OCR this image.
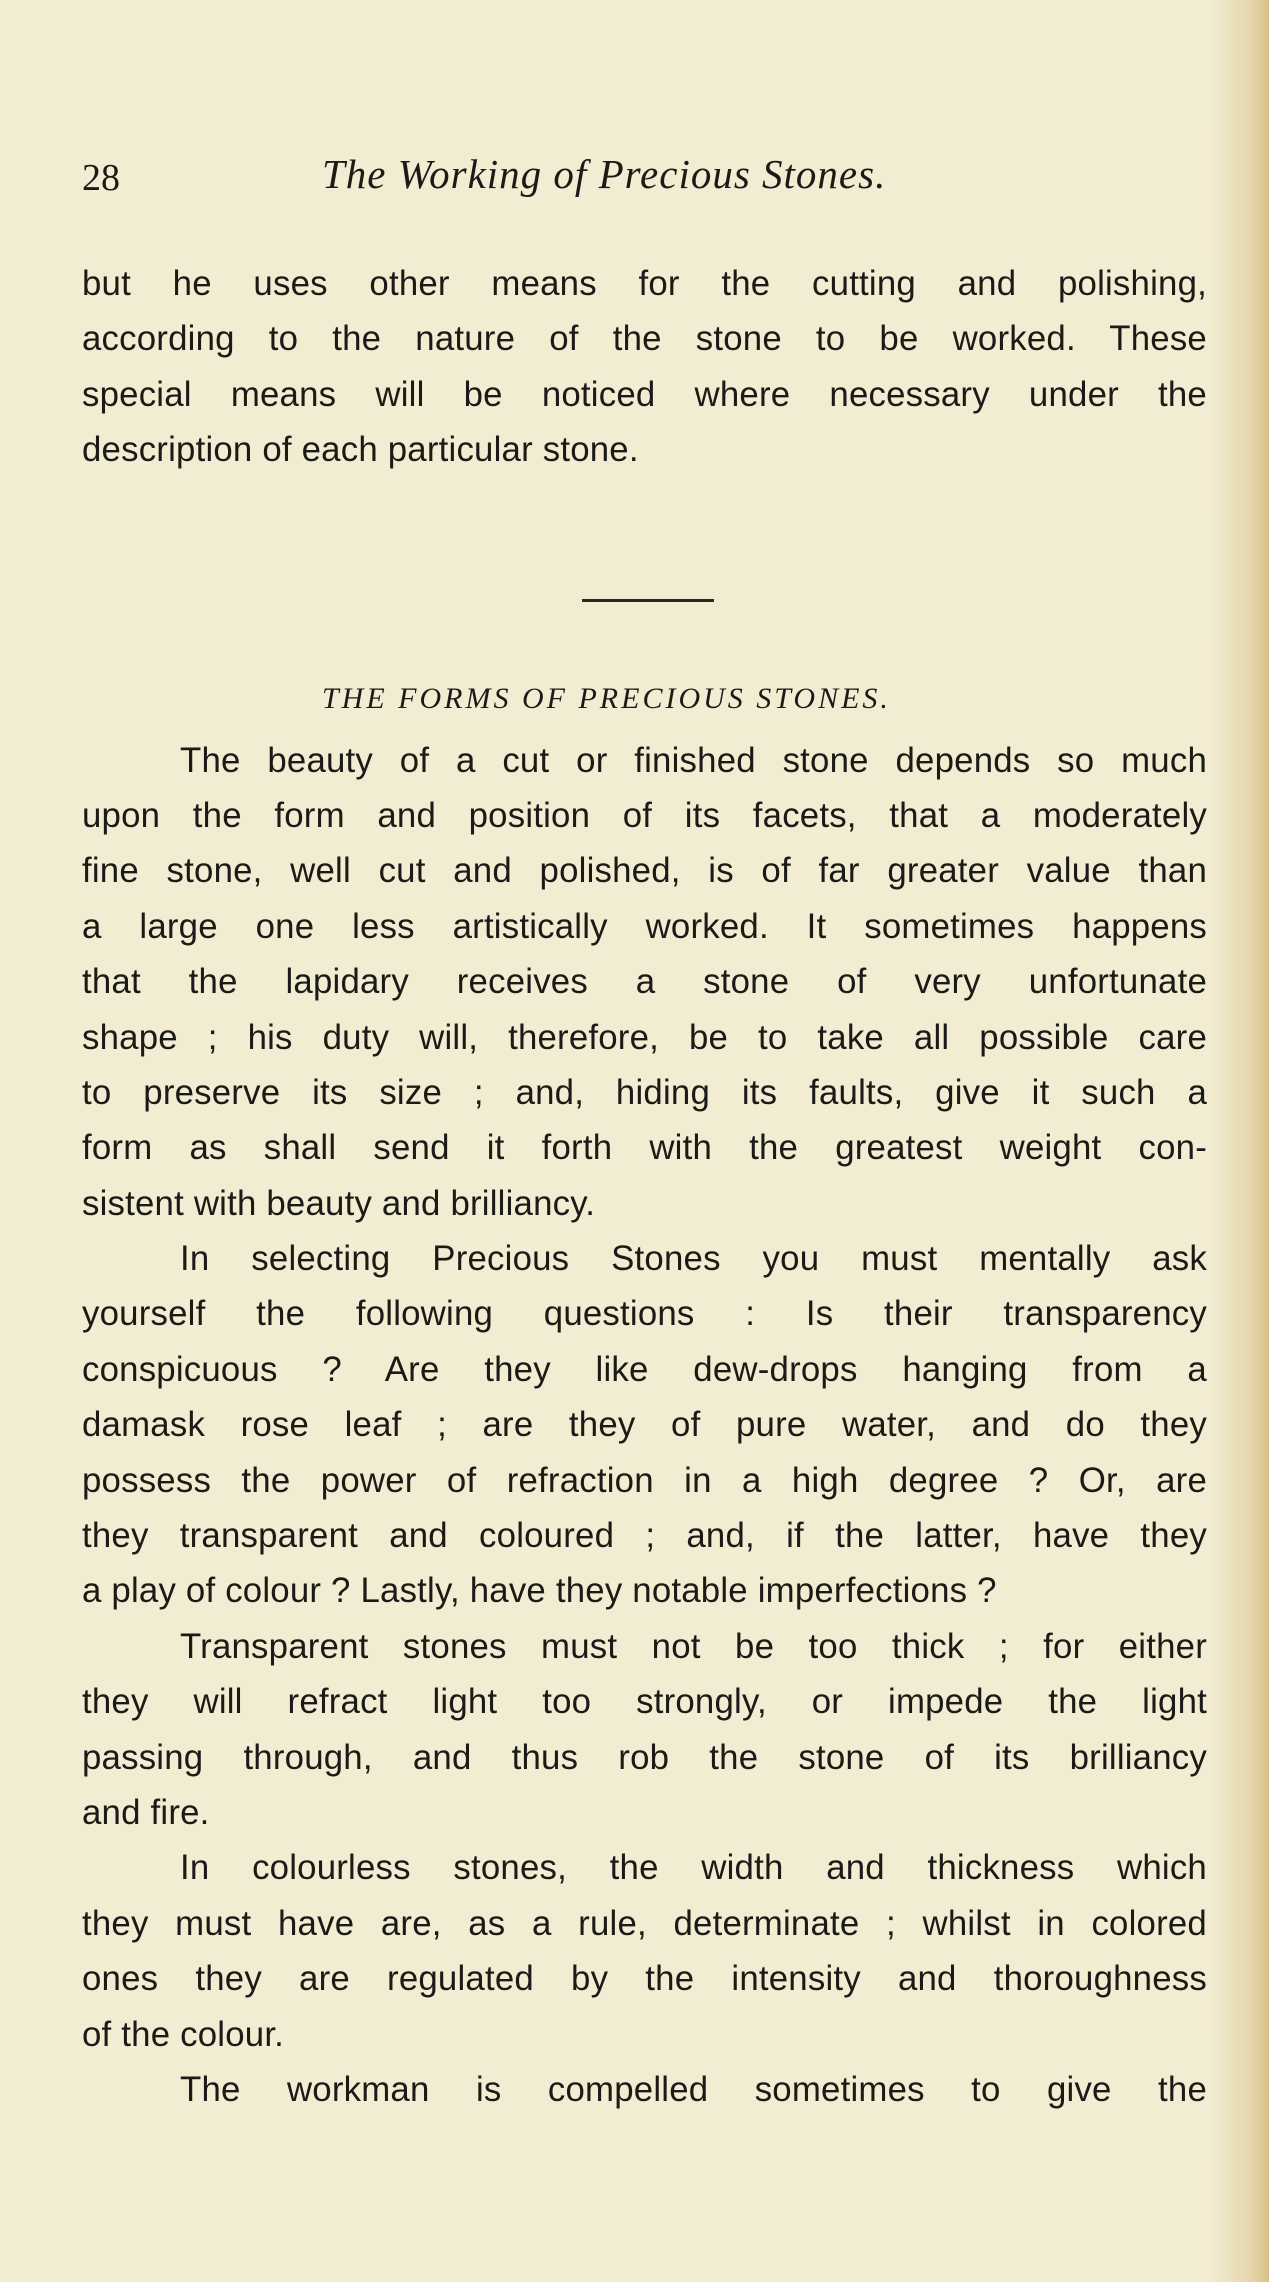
28	The Working of Precious Stones.
but he uses other means for the cutting and polishing,
according to the nature of the stone to be worked. These
special means will be noticed where necessary under the
description of each particular stone.
THE FORMS OF PRECIOUS STONES.
The beauty of a cut or finished stone depends so much
upon the form and position of its facets, that a moderately
fine stone, well cut and polished, is of far greater value than
a large one less artistically worked. It sometimes happens
that the lapidary receives a stone of very unfortunate
shape ; his duty will, therefore, be to take all possible care
to preserve its size ; and, hiding its faults, give it such a
form as shall send it forth with the greatest weight con-
sistent with beauty and brilliancy.
In selecting Precious Stones you must mentally ask
yourself the following questions : Is their transparency
conspicuous ? Are they like dew-drops hanging from a
damask rose leaf ; are they of pure water, and do they
possess the power of refraction in a high degree ? Or, are
they transparent and coloured ; and, if the latter, have they
a play of colour ? Lastly, have they notable imperfections ?
Transparent stones must not be too thick ; for either
they will refract light too strongly, or impede the light
passing through, and thus rob the stone of its brilliancy
and fire.
In colourless stones, the width and thickness which
they must have are, as a rule, determinate ; whilst in colored
ones they are regulated by the intensity and thoroughness
of the colour.
The workman is compelled sometimes to give the
